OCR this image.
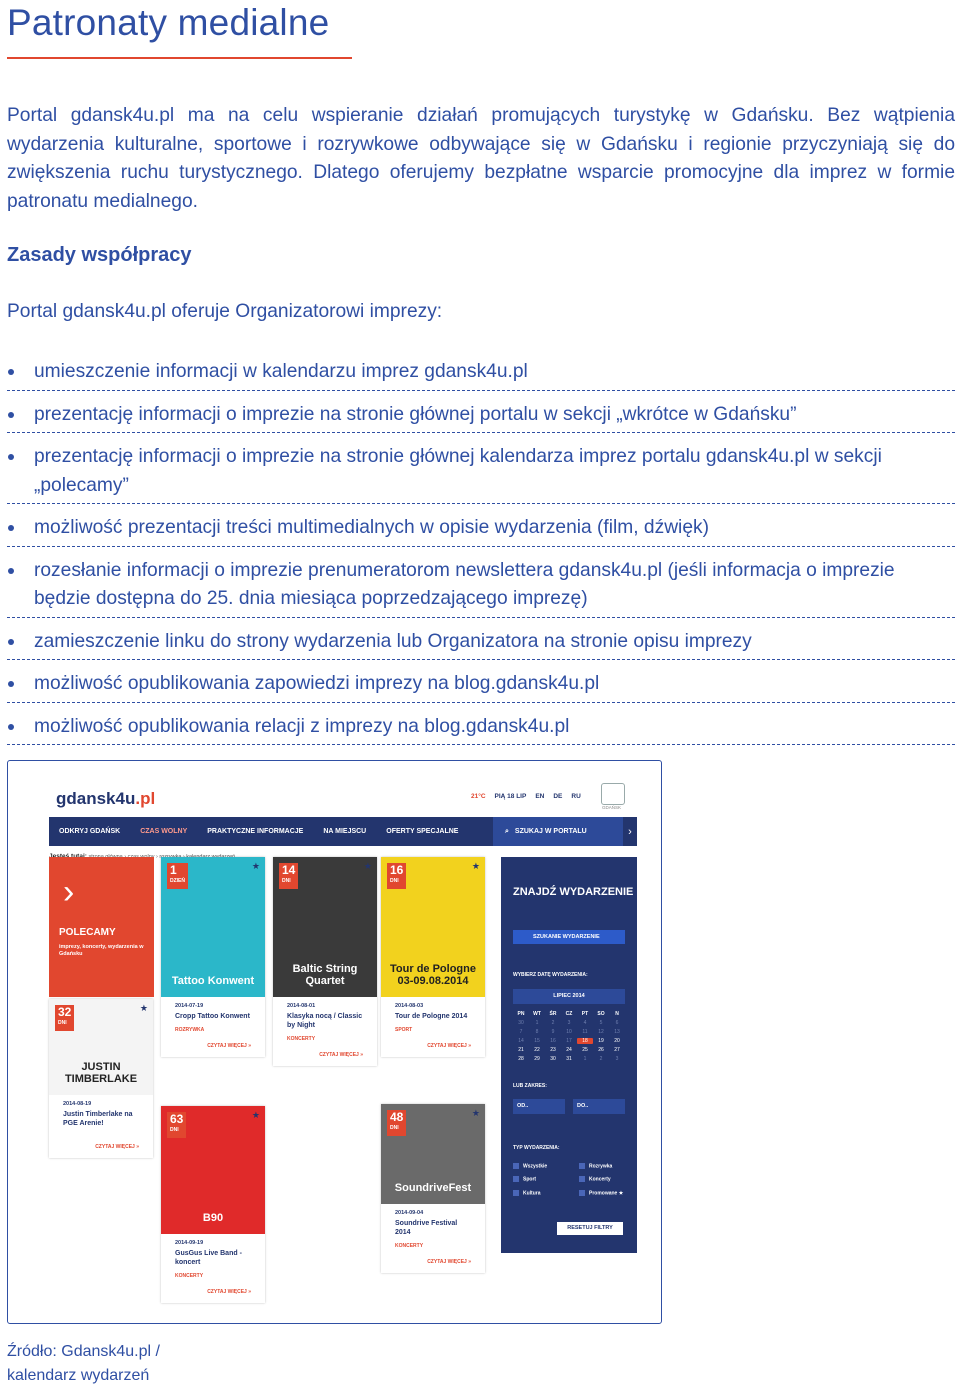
Patronaty medialne

Portal gdansk4u.pl ma na celu wspieranie działań promujących turystykę w Gdańsku. Bez wątpienia wydarzenia kulturalne, sportowe i rozrywkowe odbywające się w Gdańsku i regionie przyczyniają się do zwiększenia ruchu turystycznego. Dlatego oferujemy bezpłatne wsparcie promocyjne dla imprez w formie patronatu medialnego.

Zasady współpracy

Portal gdansk4u.pl oferuje Organizatorowi imprezy:

umieszczenie informacji w kalendarzu imprez gdansk4u.pl
prezentację informacji o imprezie na stronie głównej portalu w sekcji „wkrótce w Gdańsku”
prezentację informacji o imprezie na stronie głównej kalendarza imprez portalu gdansk4u.pl w sekcji „polecamy”
możliwość prezentacji treści multimedialnych w opisie wydarzenia (film, dźwięk)
rozesłanie informacji o imprezie prenumeratorom newslettera gdansk4u.pl (jeśli informacja o imprezie będzie dostępna do 25. dnia miesiąca poprzedzającego imprezę)
zamieszczenie linku do strony wydarzenia lub Organizatora na stronie opisu imprezy
możliwość opublikowania zapowiedzi imprezy na blog.gdansk4u.pl
możliwość opublikowania relacji z imprezy na blog.gdansk4u.pl
gdansk4u.pl	21°C PIĄ 18 LIP EN DE RU
GDAŃSK
ODKRYJ GDAŃSK	CZAS WOLNY	PRAKTYCZNE INFORMACJE	NA MIEJSCU	OFERTY SPECJALNE	⌕ SZUKAJ W PORTALU	›
›
›
POLECAMY
imprezy, koncerty, wydarzenia w Gdańsku
32
DNI
★
JUSTIN TIMBERLAKE
2014-08-19
Justin Timberlake na PGE Arenie!
CZYTAJ WIĘCEJ »
1
DZIEŃ
★
Tattoo Konwent
2014-07-19
Cropp Tattoo Konwent
ROZRYWKA
CZYTAJ WIĘCEJ »
63
DNI
★
B90
2014-09-19
GusGus Live Band - koncert
KONCERTY
CZYTAJ WIĘCEJ »
14
DNI
★
Baltic String Quartet
2014-08-01
Klasyka nocą / Classic by Night
KONCERTY
CZYTAJ WIĘCEJ »
16
DNI
★
Tour de Pologne 03-09.08.2014
2014-08-03
Tour de Pologne 2014
SPORT
CZYTAJ WIĘCEJ »
48
DNI
★
SoundriveFest
2014-09-04
Soundrive Festival 2014
KONCERTY
CZYTAJ WIĘCEJ »
ZNAJDŹ WYDARZENIE
SZUKANIE WYDARZENIE
WYBIERZ DATĘ WYDARZENIA:
LIPIEC 2014
PN	WT	ŚR	CZ	PT	SO	N
30	1	2	3	4	5	6
7	8	9	10	11	12	13
14	15	16	17	18	19	20
21	22	23	24	25	26	27
28	29	30	31	1	2	3
LUB ZAKRES:
OD..	DO..
TYP WYDARZENIA:
Wszystkie	Rozrywka
Sport	Koncerty
Kultura	Promowane ★
RESETUJ FILTRY
Źródło: Gdansk4u.pl /
kalendarz wydarzeń
